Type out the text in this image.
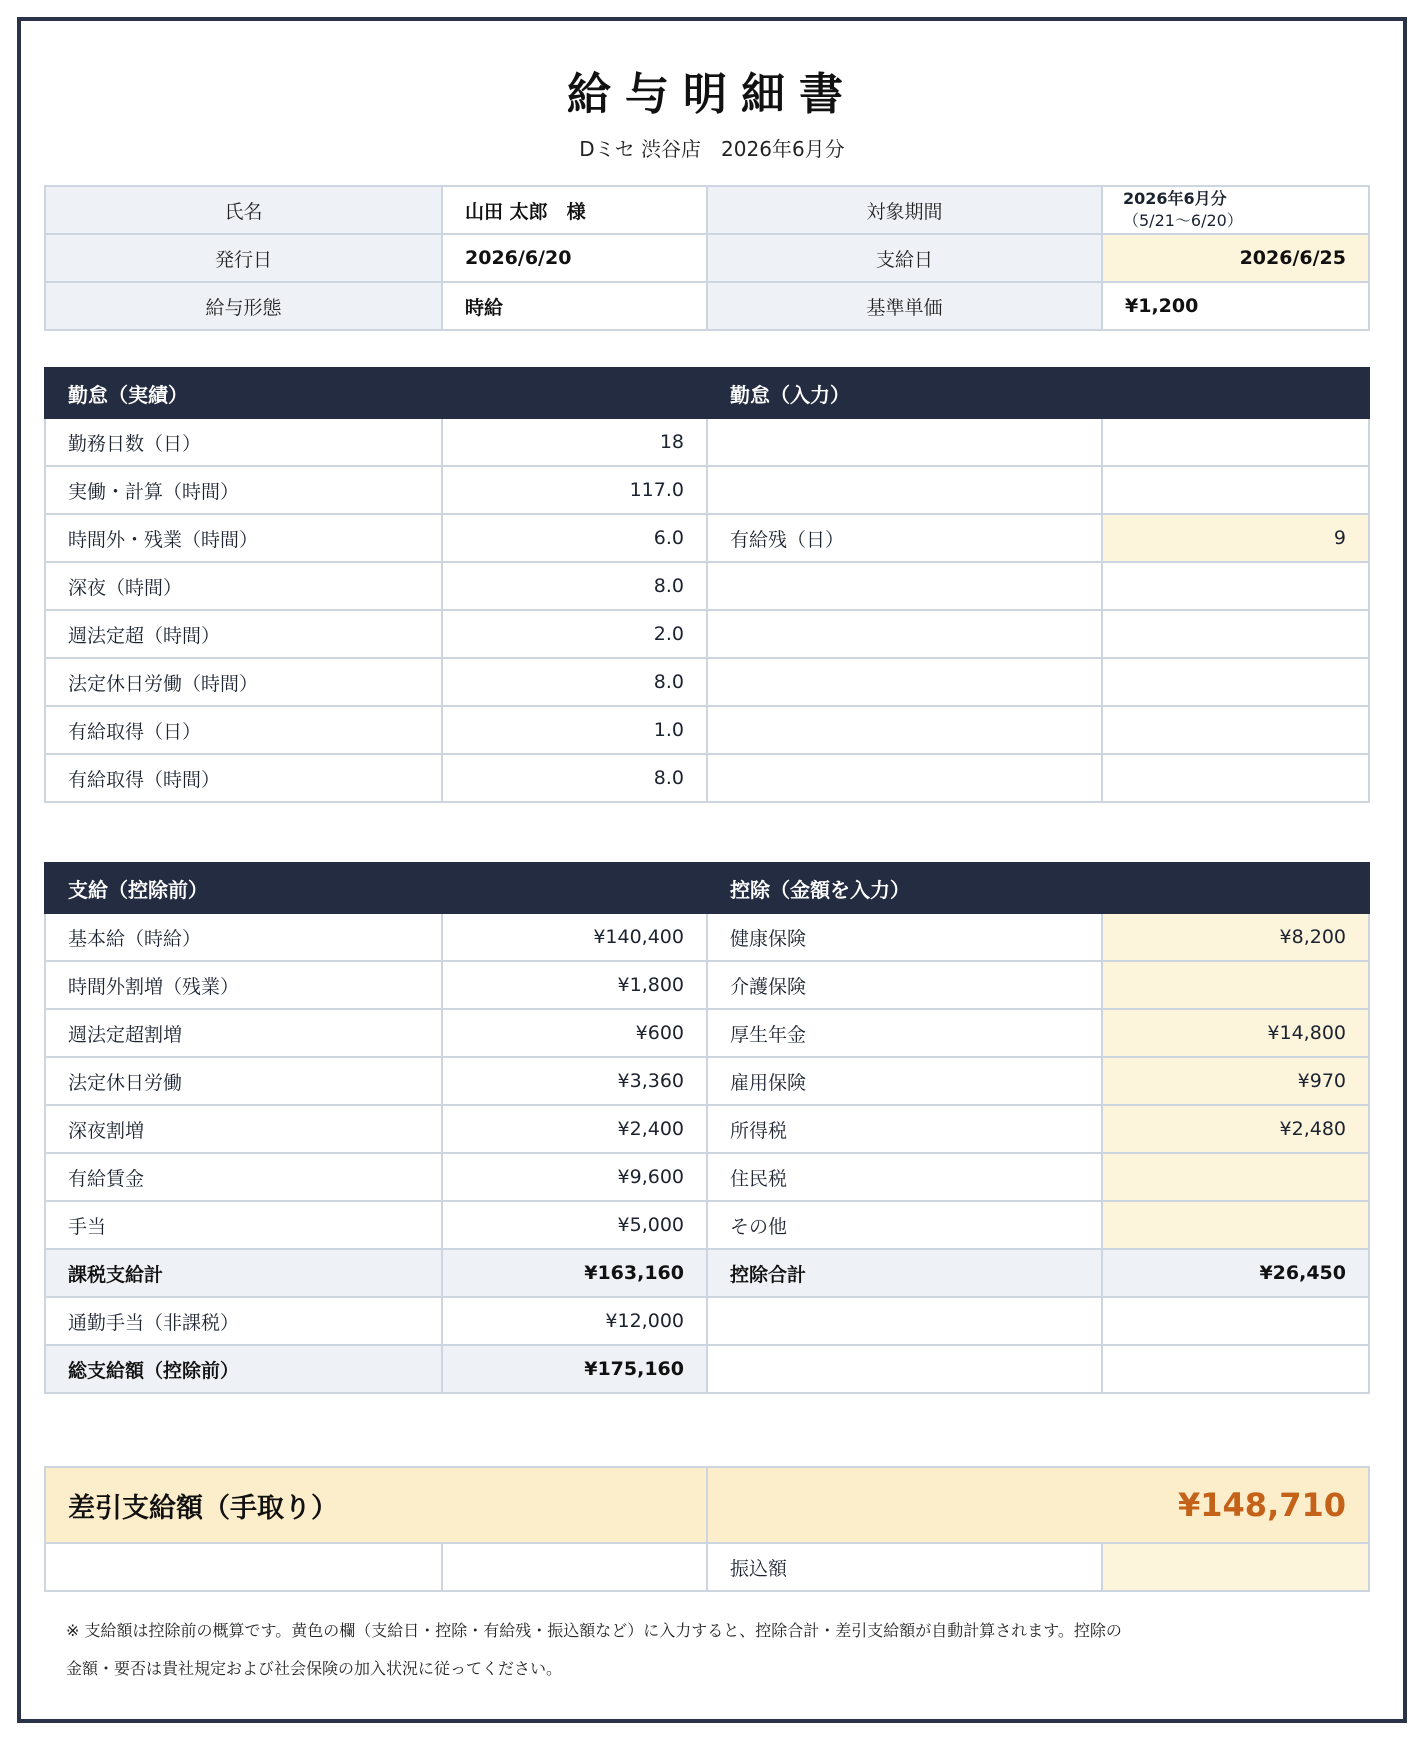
給与明細書
Dミセ 渋谷店　2026年6月分
氏名	山田 太郎　様	対象期間	2026年6月分
（5/21〜6/20）

発行日	2026/6/20	支給日	2026/6/25
給与形態	時給	基準単価	¥1,200
勤怠（実績）		勤怠（入力）	
勤務日数（日）	18		
実働・計算（時間）	117.0		
時間外・残業（時間）	6.0	有給残（日）	9
深夜（時間）	8.0		
週法定超（時間）	2.0		
法定休日労働（時間）	8.0		
有給取得（日）	1.0		
有給取得（時間）	8.0		
支給（控除前）		控除（金額を入力）	
基本給（時給）	¥140,400	健康保険	¥8,200
時間外割増（残業）	¥1,800	介護保険	
週法定超割増	¥600	厚生年金	¥14,800
法定休日労働	¥3,360	雇用保険	¥970
深夜割増	¥2,400	所得税	¥2,480
有給賃金	¥9,600	住民税	
手当	¥5,000	その他	
課税支給計	¥163,160	控除合計	¥26,450
通勤手当（非課税）	¥12,000		
総支給額（控除前）	¥175,160		
差引支給額（手取り）		¥148,710	
		振込額	
※ 支給額は控除前の概算です。黄色の欄（支給日・控除・有給残・振込額など）に入力すると、控除合計・差引支給額が自動計算されます。控除の
金額・要否は貴社規定および社会保険の加入状況に従ってください。
